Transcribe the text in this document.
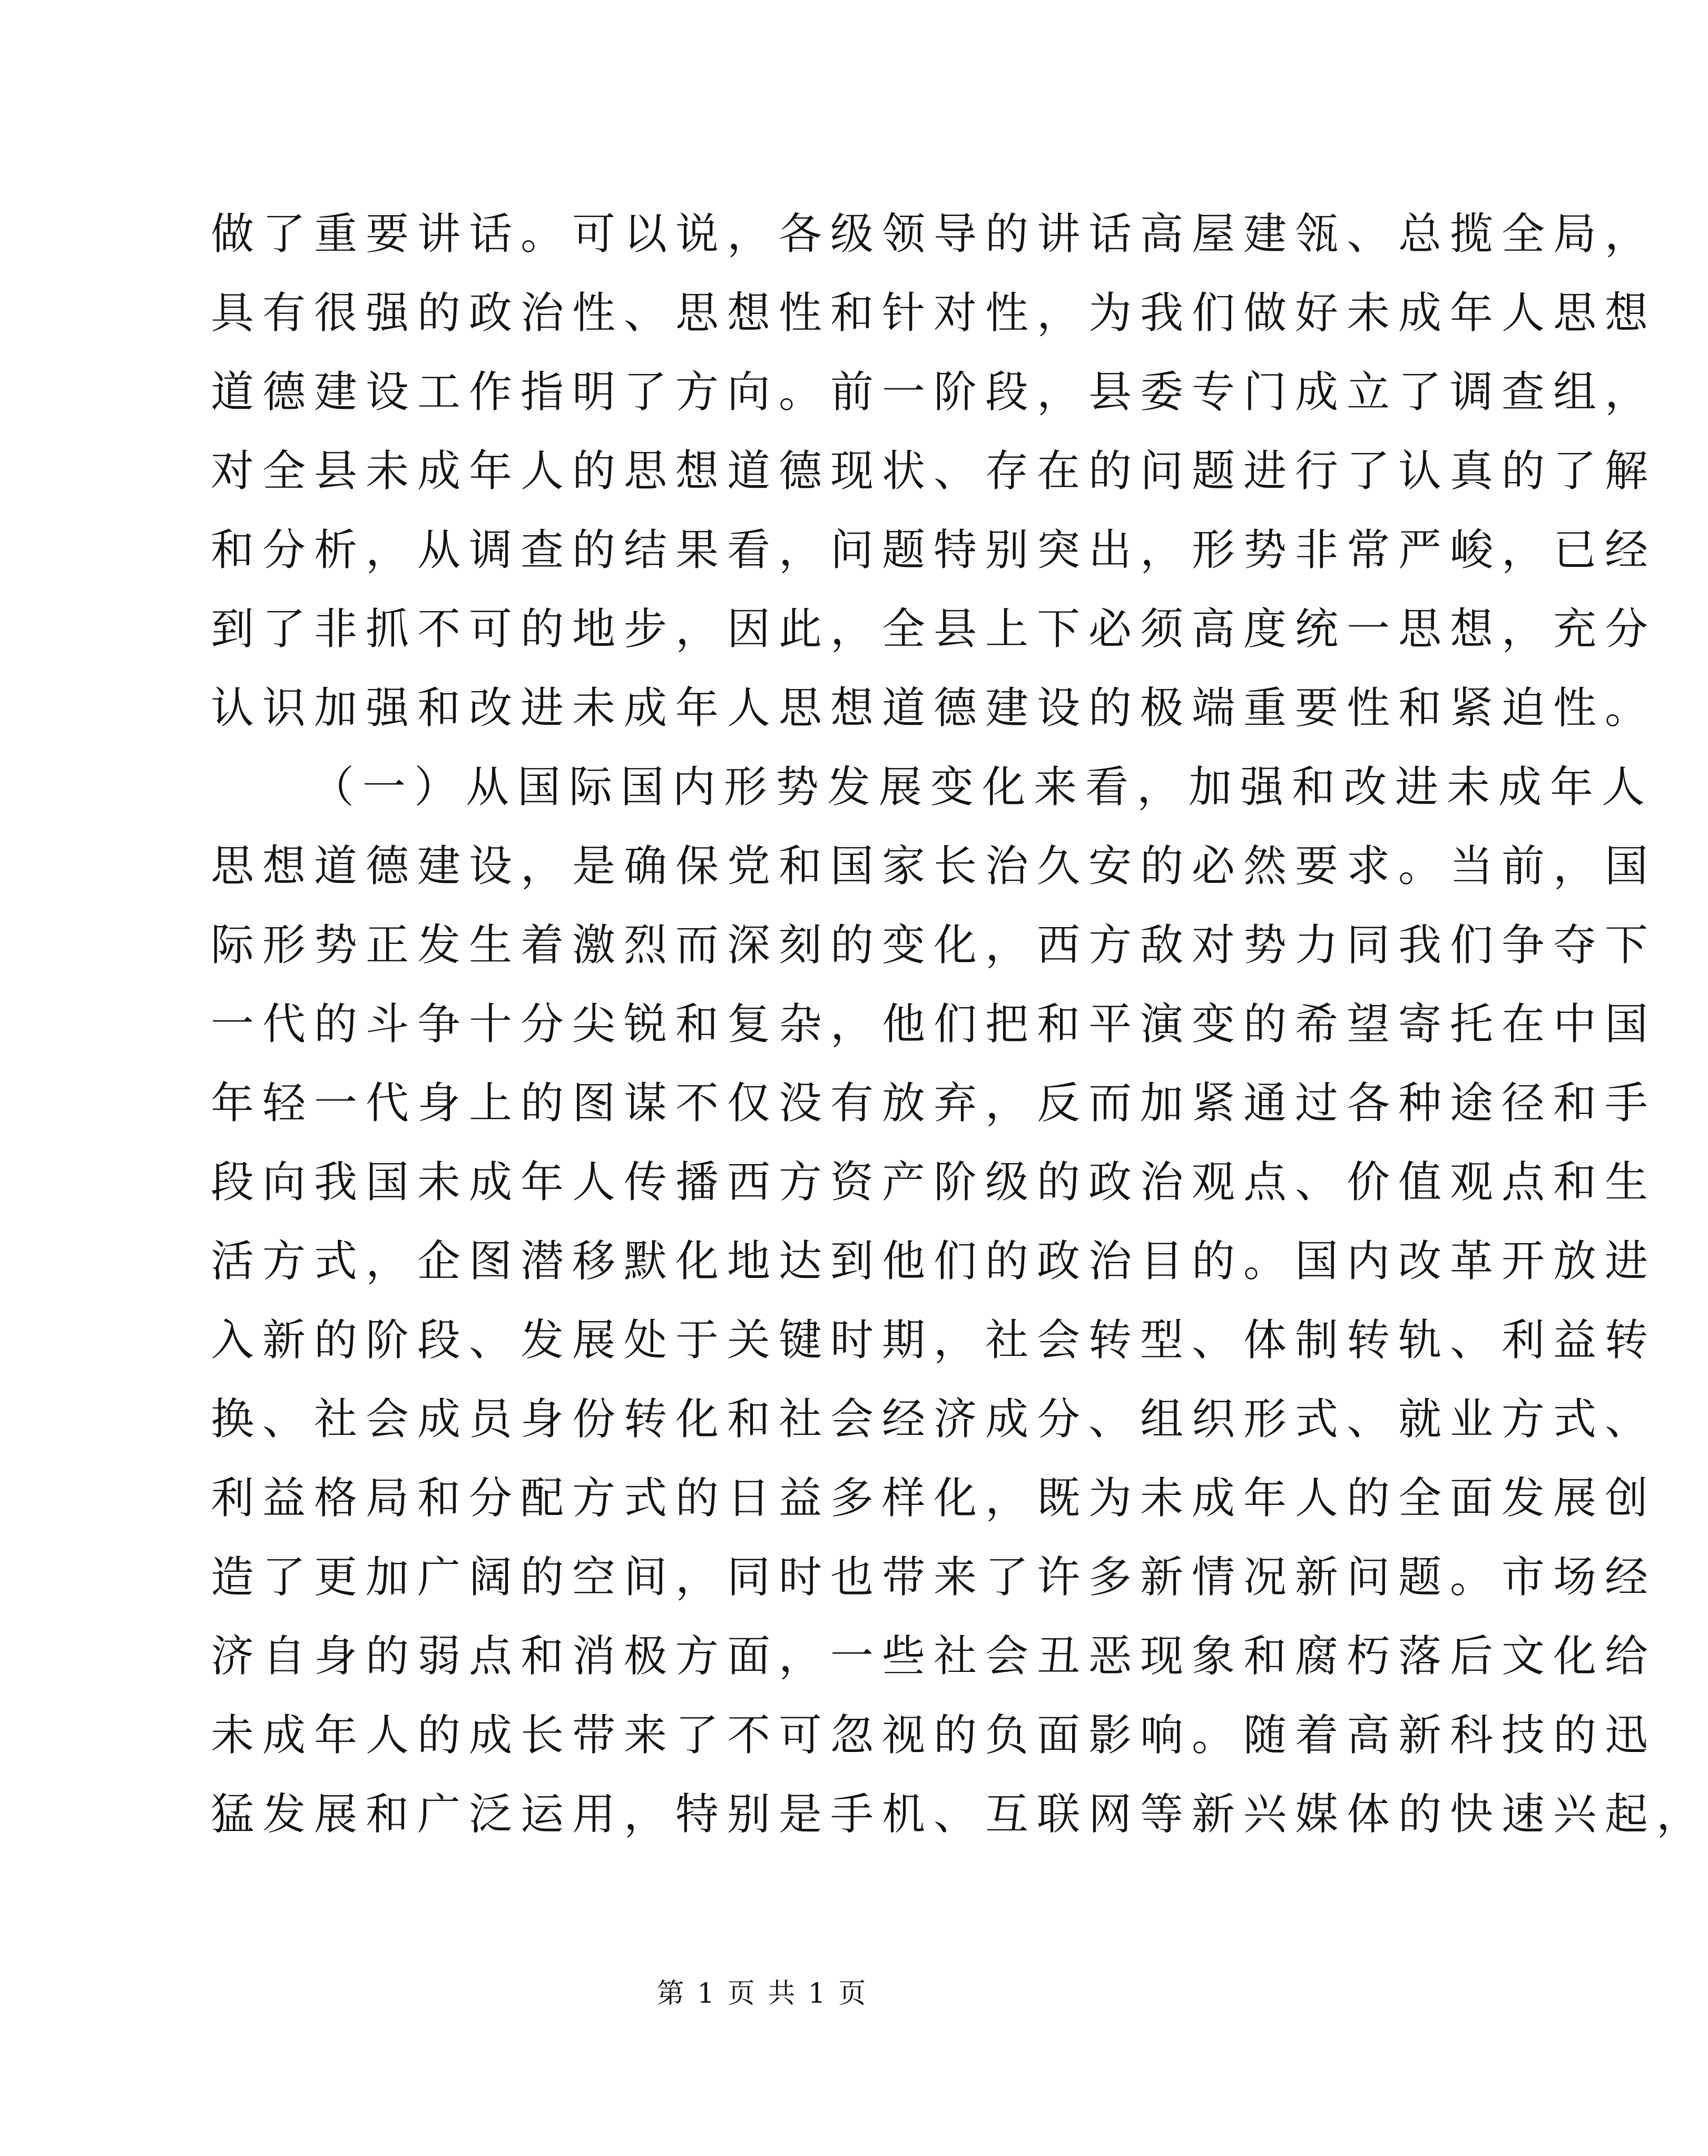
做了重要讲话。可以说，各级领导的讲话高屋建瓴、总揽全局，
具有很强的政治性、思想性和针对性，为我们做好未成年人思想
道德建设工作指明了方向。前一阶段，县委专门成立了调查组，
对全县未成年人的思想道德现状、存在的问题进行了认真的了解
和分析，从调查的结果看，问题特别突出，形势非常严峻，已经
到了非抓不可的地步，因此，全县上下必须高度统一思想，充分
认识加强和改进未成年人思想道德建设的极端重要性和紧迫性。
（一）从国际国内形势发展变化来看，加强和改进未成年人
思想道德建设，是确保党和国家长治久安的必然要求。当前，国
际形势正发生着激烈而深刻的变化，西方敌对势力同我们争夺下
一代的斗争十分尖锐和复杂，他们把和平演变的希望寄托在中国
年轻一代身上的图谋不仅没有放弃，反而加紧通过各种途径和手
段向我国未成年人传播西方资产阶级的政治观点、价值观点和生
活方式，企图潜移默化地达到他们的政治目的。国内改革开放进
入新的阶段、发展处于关键时期，社会转型、体制转轨、利益转
换、社会成员身份转化和社会经济成分、组织形式、就业方式、
利益格局和分配方式的日益多样化，既为未成年人的全面发展创
造了更加广阔的空间，同时也带来了许多新情况新问题。市场经
济自身的弱点和消极方面，一些社会丑恶现象和腐朽落后文化给
未成年人的成长带来了不可忽视的负面影响。随着高新科技的迅
猛发展和广泛运用，特别是手机、互联网等新兴媒体的快速兴起，
第 1 页 共 1 页
